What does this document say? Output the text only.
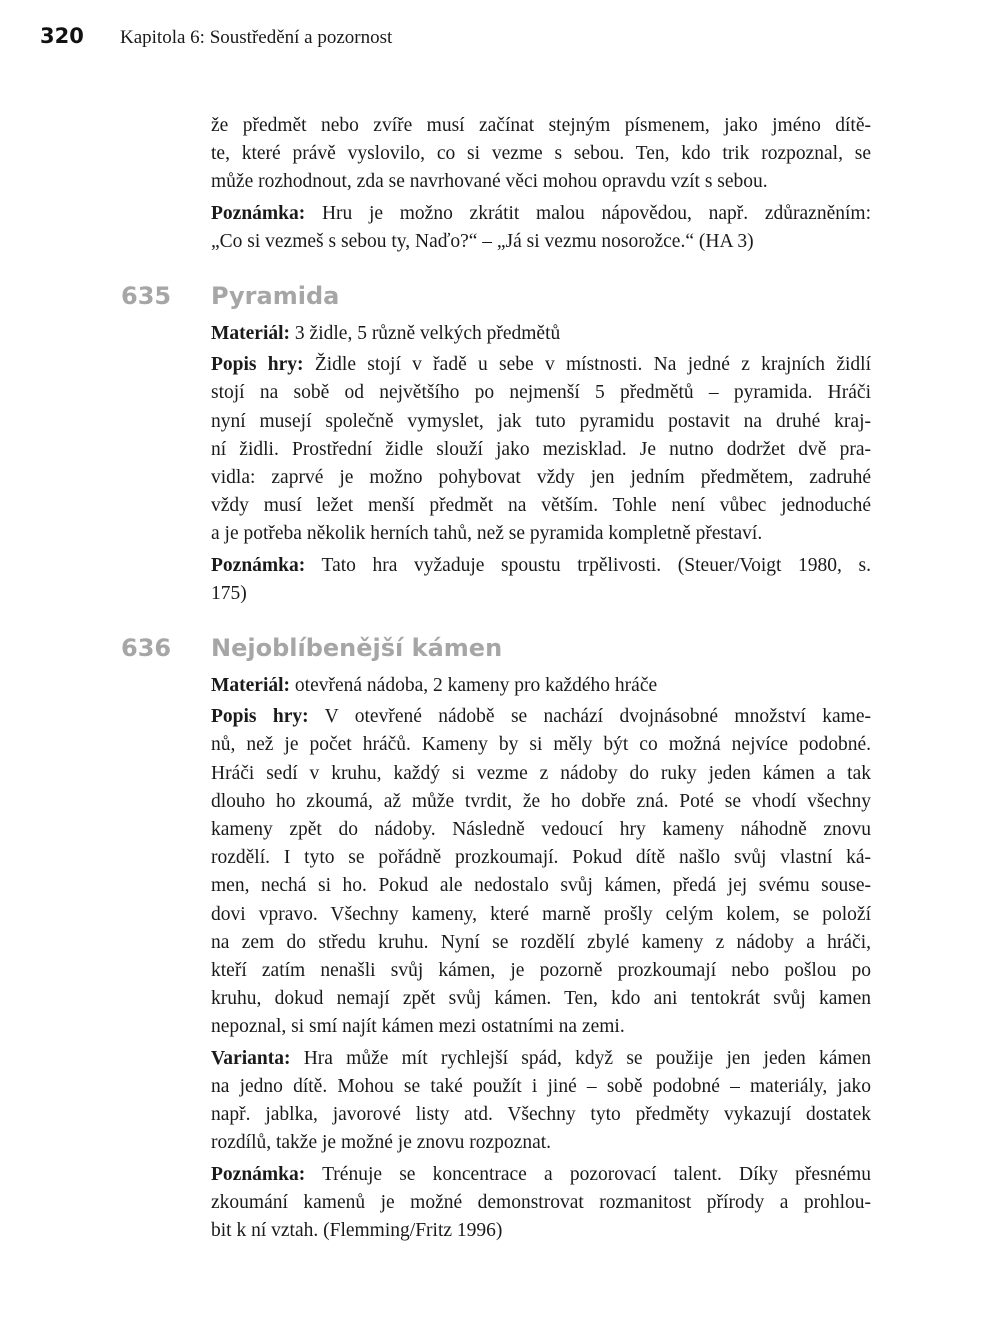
320	Kapitola 6: Soustředění a pozornost
že předmět nebo zvíře musí začínat stejným písmenem, jako jméno dítě-
te, které právě vyslovilo, co si vezme s sebou. Ten, kdo trik rozpoznal, se
může rozhodnout, zda se navrhované věci mohou opravdu vzít s sebou.
Poznámka: Hru je možno zkrátit malou nápovědou, např. zdůrazněním:
„Co si vezmeš s sebou ty, Naďo?“ – „Já si vezmu nosorožce.“ (HA 3)
635 Pyramida
Materiál: 3 židle, 5 různě velkých předmětů
Popis hry: Židle stojí v řadě u sebe v místnosti. Na jedné z krajních židlí
stojí na sobě od největšího po nejmenší 5 předmětů – pyramida. Hráči
nyní musejí společně vymyslet, jak tuto pyramidu postavit na druhé kraj-
ní židli. Prostřední židle slouží jako mezisklad. Je nutno dodržet dvě pra-
vidla: zaprvé je možno pohybovat vždy jen jedním předmětem, zadruhé
vždy musí ležet menší předmět na větším. Tohle není vůbec jednoduché
a je potřeba několik herních tahů, než se pyramida kompletně přestaví.
Poznámka: Tato hra vyžaduje spoustu trpělivosti. (Steuer/Voigt 1980, s.
175)
636 Nejoblíbenější kámen
Materiál: otevřená nádoba, 2 kameny pro každého hráče
Popis hry: V otevřené nádobě se nachází dvojnásobné množství kame-
nů, než je počet hráčů. Kameny by si měly být co možná nejvíce podobné.
Hráči sedí v kruhu, každý si vezme z nádoby do ruky jeden kámen a tak
dlouho ho zkoumá, až může tvrdit, že ho dobře zná. Poté se vhodí všechny
kameny zpět do nádoby. Následně vedoucí hry kameny náhodně znovu
rozdělí. I tyto se pořádně prozkoumají. Pokud dítě našlo svůj vlastní ká-
men, nechá si ho. Pokud ale nedostalo svůj kámen, předá jej svému souse-
dovi vpravo. Všechny kameny, které marně prošly celým kolem, se položí
na zem do středu kruhu. Nyní se rozdělí zbylé kameny z nádoby a hráči,
kteří zatím nenašli svůj kámen, je pozorně prozkoumají nebo pošlou po
kruhu, dokud nemají zpět svůj kámen. Ten, kdo ani tentokrát svůj kamen
nepoznal, si smí najít kámen mezi ostatními na zemi.
Varianta: Hra může mít rychlejší spád, když se použije jen jeden kámen
na jedno dítě. Mohou se také použít i jiné – sobě podobné – materiály, jako
např. jablka, javorové listy atd. Všechny tyto předměty vykazují dostatek
rozdílů, takže je možné je znovu rozpoznat.
Poznámka: Trénuje se koncentrace a pozorovací talent. Díky přesnému
zkoumání kamenů je možné demonstrovat rozmanitost přírody a prohlou-
bit k ní vztah. (Flemming/Fritz 1996)
